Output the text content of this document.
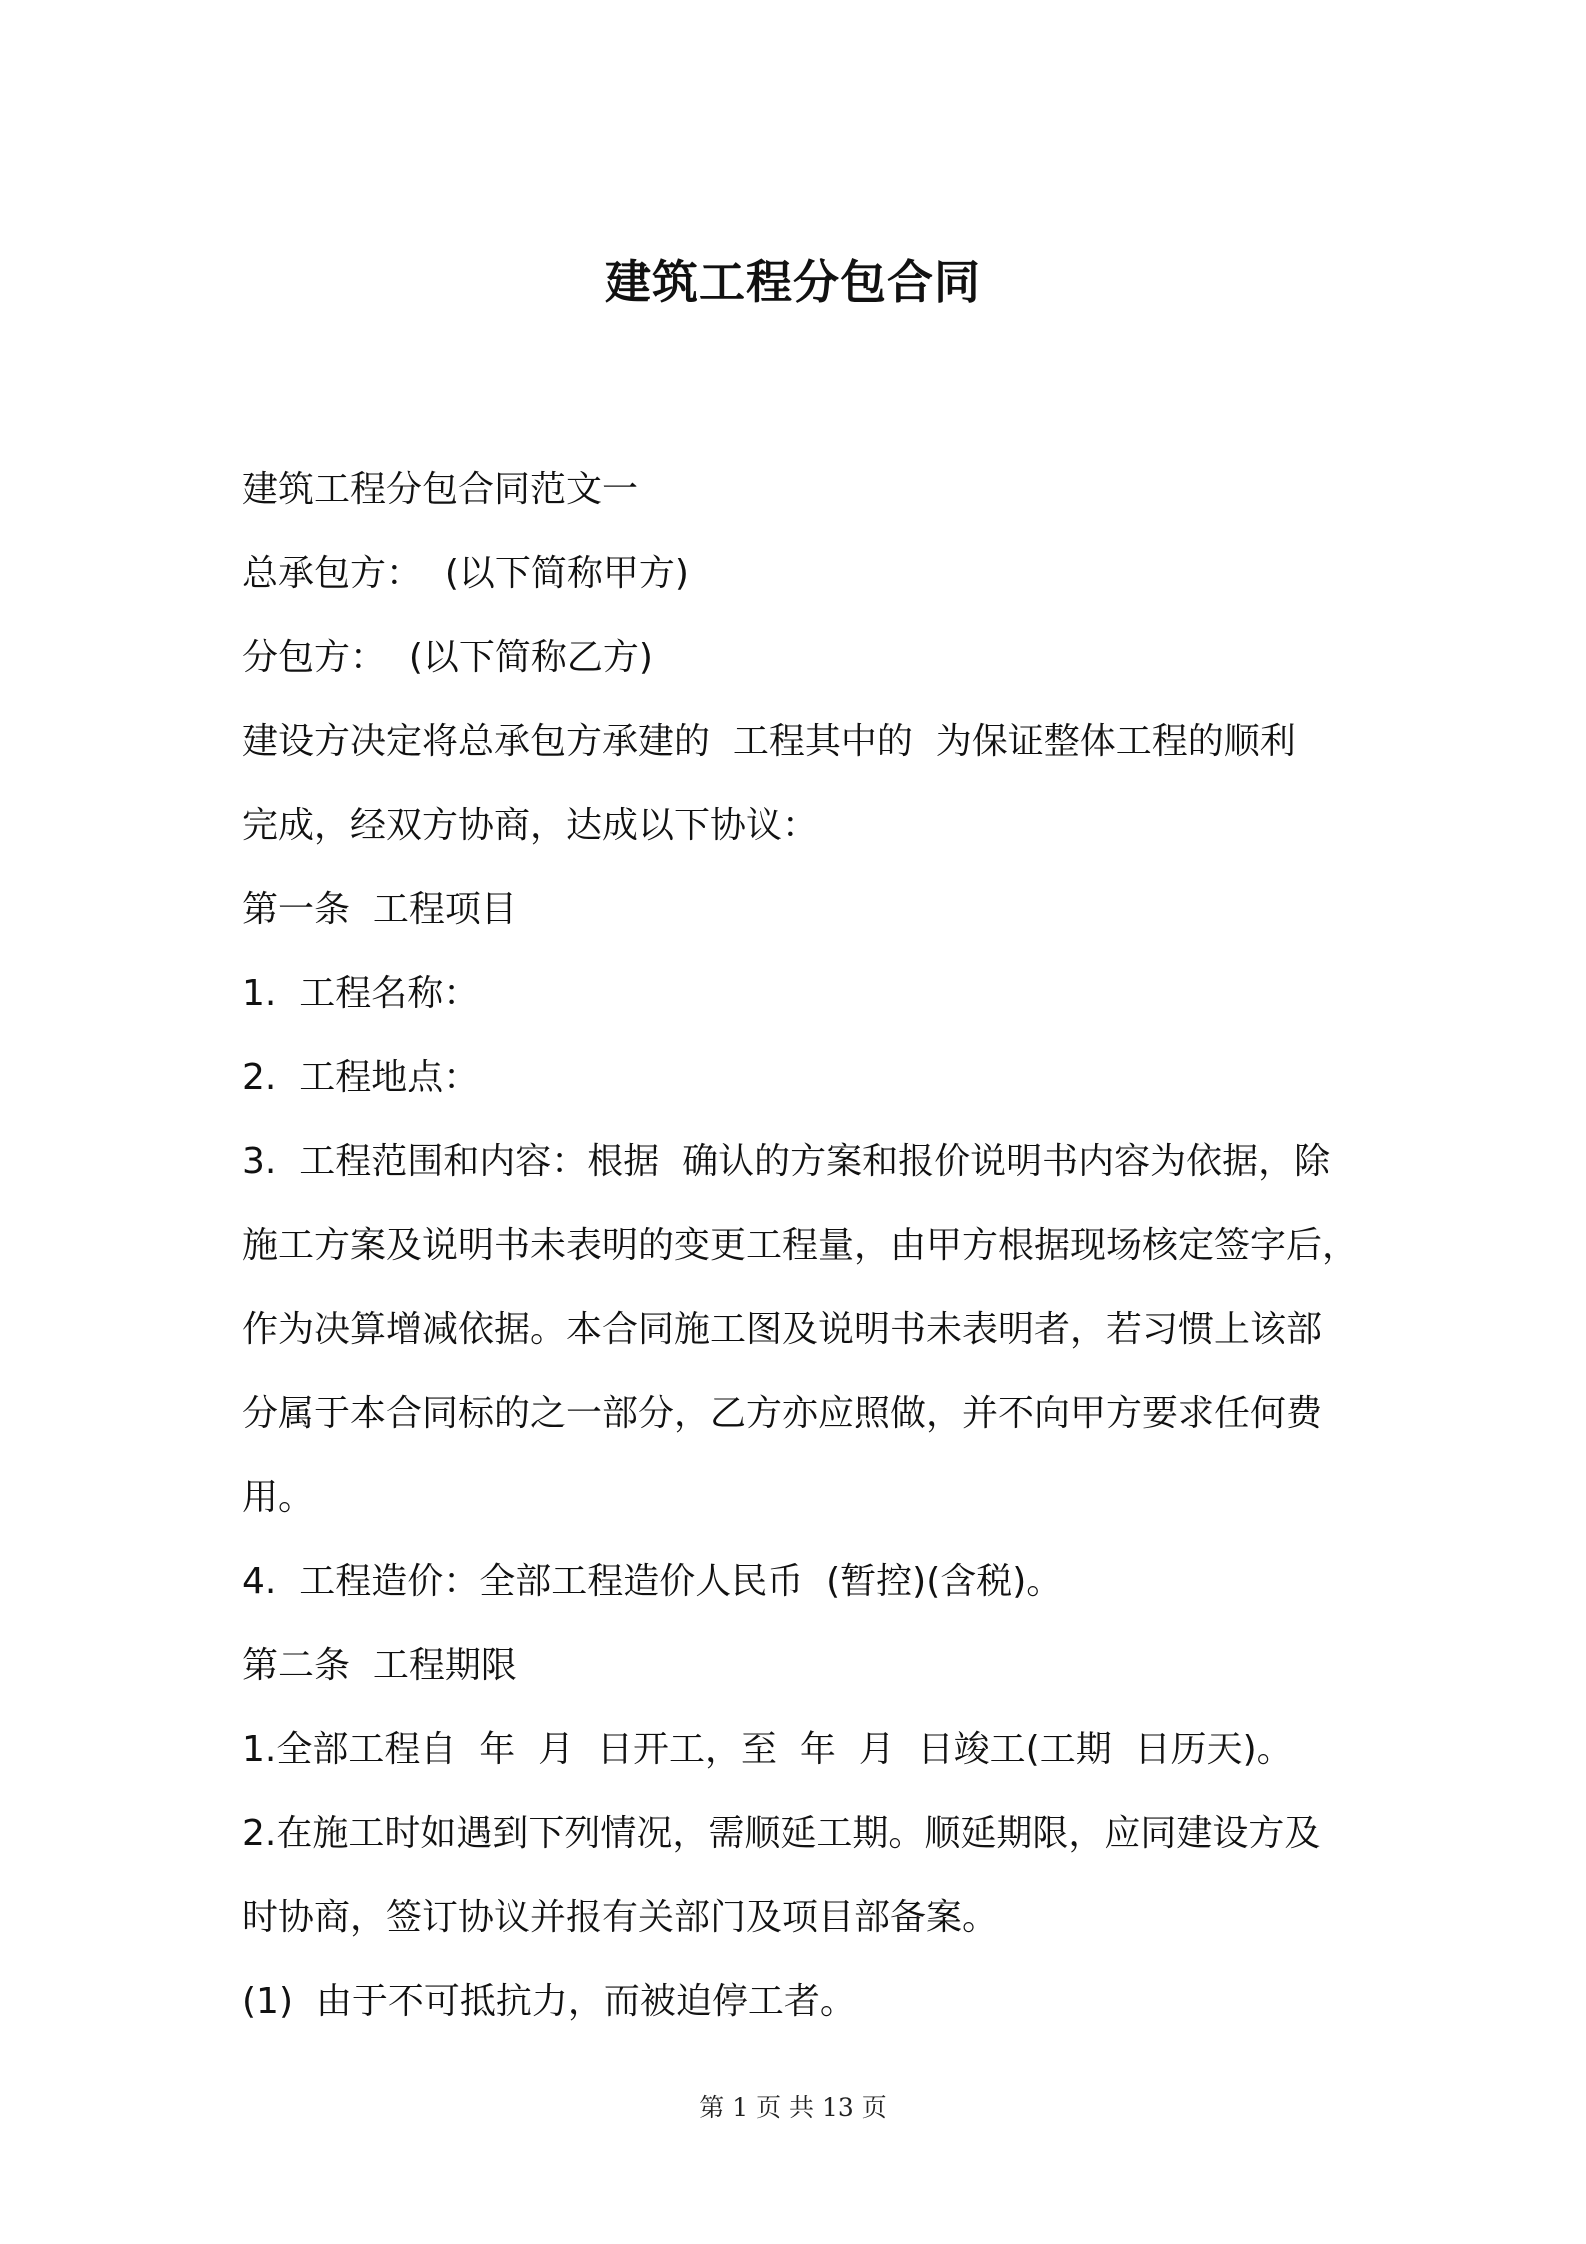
建筑工程分包合同
建筑工程分包合同范文一
总承包方：  (以下简称甲方)
分包方：  (以下简称乙方)
建设方决定将总承包方承建的  工程其中的  为保证整体工程的顺利
完成，经双方协商，达成以下协议：
第一条  工程项目
1.  工程名称：
2.  工程地点：
3.  工程范围和内容：根据  确认的方案和报价说明书内容为依据，除
施工方案及说明书未表明的变更工程量，由甲方根据现场核定签字后，
作为决算增减依据。本合同施工图及说明书未表明者，若习惯上该部
分属于本合同标的之一部分，乙方亦应照做，并不向甲方要求任何费
用。
4.  工程造价：全部工程造价人民币  (暂控)(含税)。
第二条  工程期限
1.全部工程自  年  月  日开工，至  年  月  日竣工(工期  日历天)。
2.在施工时如遇到下列情况，需顺延工期。顺延期限，应同建设方及
时协商，签订协议并报有关部门及项目部备案。
(1)  由于不可抵抗力，而被迫停工者。
第 1 页 共 13 页
